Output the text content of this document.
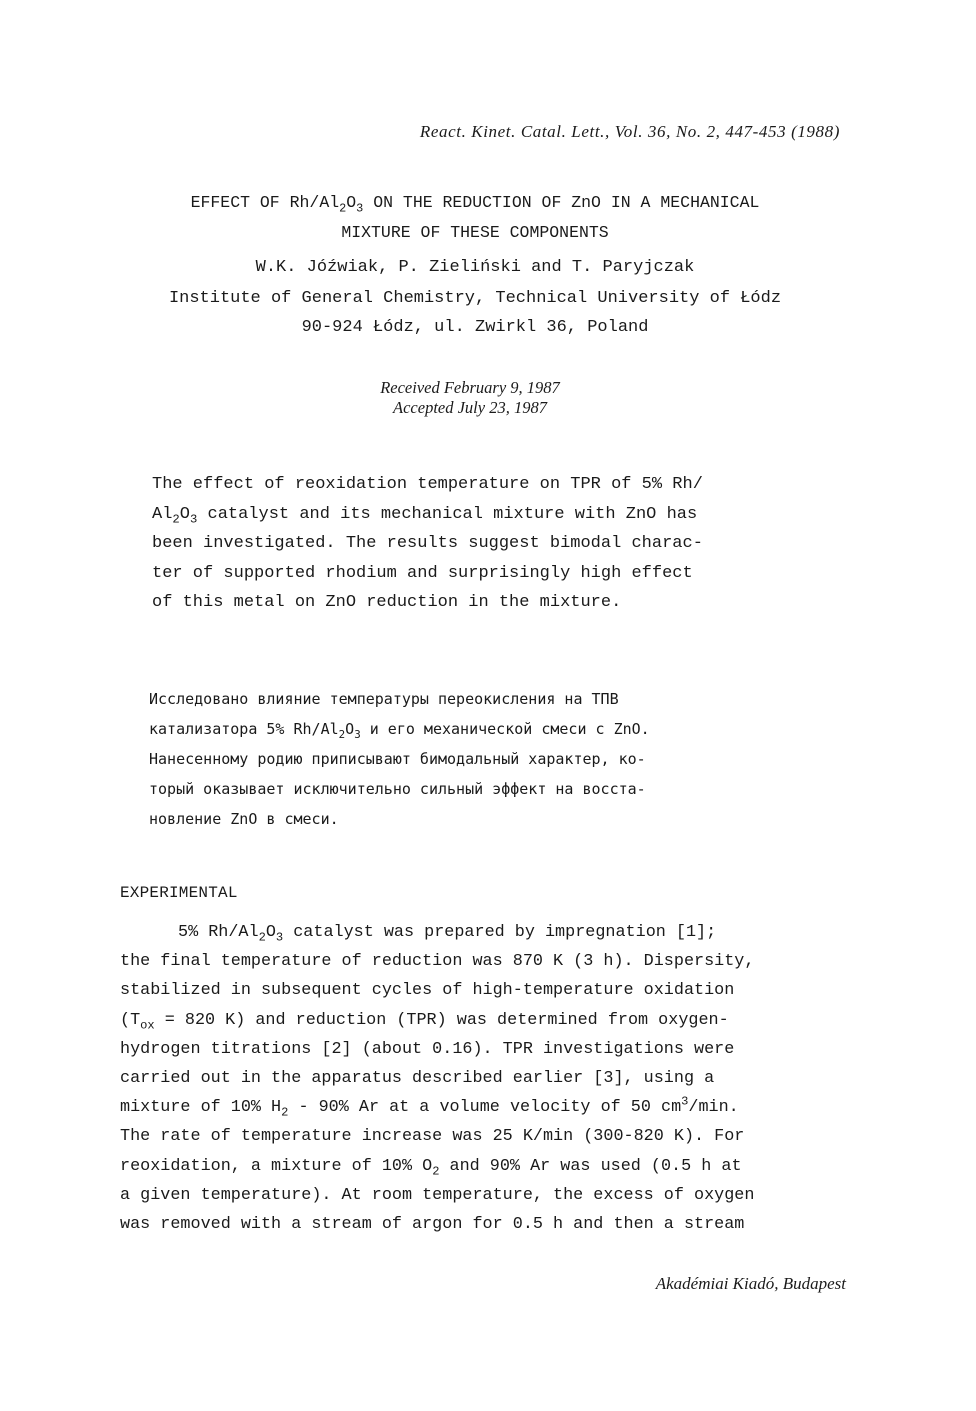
React. Kinet. Catal. Lett., Vol. 36, No. 2, 447-453 (1988)
EFFECT OF $Rh/Al_2O_3$ ON THE REDUCTION OF ZnO IN A MECHANICAL
MIXTURE OF THESE COMPONENTS
W.K. Jóźwiak, P. Zieliński and T. Paryjczak
Institute of General Chemistry, Technical University of Łódz
90-924 Łódz, ul. Zwirkl 36, Poland
Received February 9, 1987
Accepted July 23, 1987
The effect of reoxidation temperature on TPR of 5% Rh/
$Al_2O_3$ catalyst and its mechanical mixture with ZnO has
been investigated. The results suggest bimodal charac-
ter of supported rhodium and surprisingly high effect
of this metal on ZnO reduction in the mixture.
Исследовано влияние температуры переокисления на ТПВ
катализатора 5% $Rh/Al_2O_3$ и его механической смеси с ZnO.
Нанесенному родию приписывают бимодальный характер, ко-
торый оказывает исключительно сильный эффект на восста-
новление ZnO в смеси.
EXPERIMENTAL
5% $Rh/Al_2O_3$ catalyst was prepared by impregnation [1];
the final temperature of reduction was 870 K (3 h). Dispersity,
stabilized in subsequent cycles of high-temperature oxidation
($T_{ox} = 820$ K) and reduction (TPR) was determined from oxygen-
hydrogen titrations [2] (about 0.16). TPR investigations were
carried out in the apparatus described earlier [3], using a
mixture of 10% $H_2 - 90\%$ Ar at a volume velocity of 50 $cm^3/\min$.
The rate of temperature increase was 25 K/min (300-820 K). For
reoxidation, a mixture of 10% $O_2$ and 90% Ar was used (0.5 h at
a given temperature). At room temperature, the excess of oxygen
was removed with a stream of argon for 0.5 h and then a stream
Akadémiai Kiadó, Budapest
